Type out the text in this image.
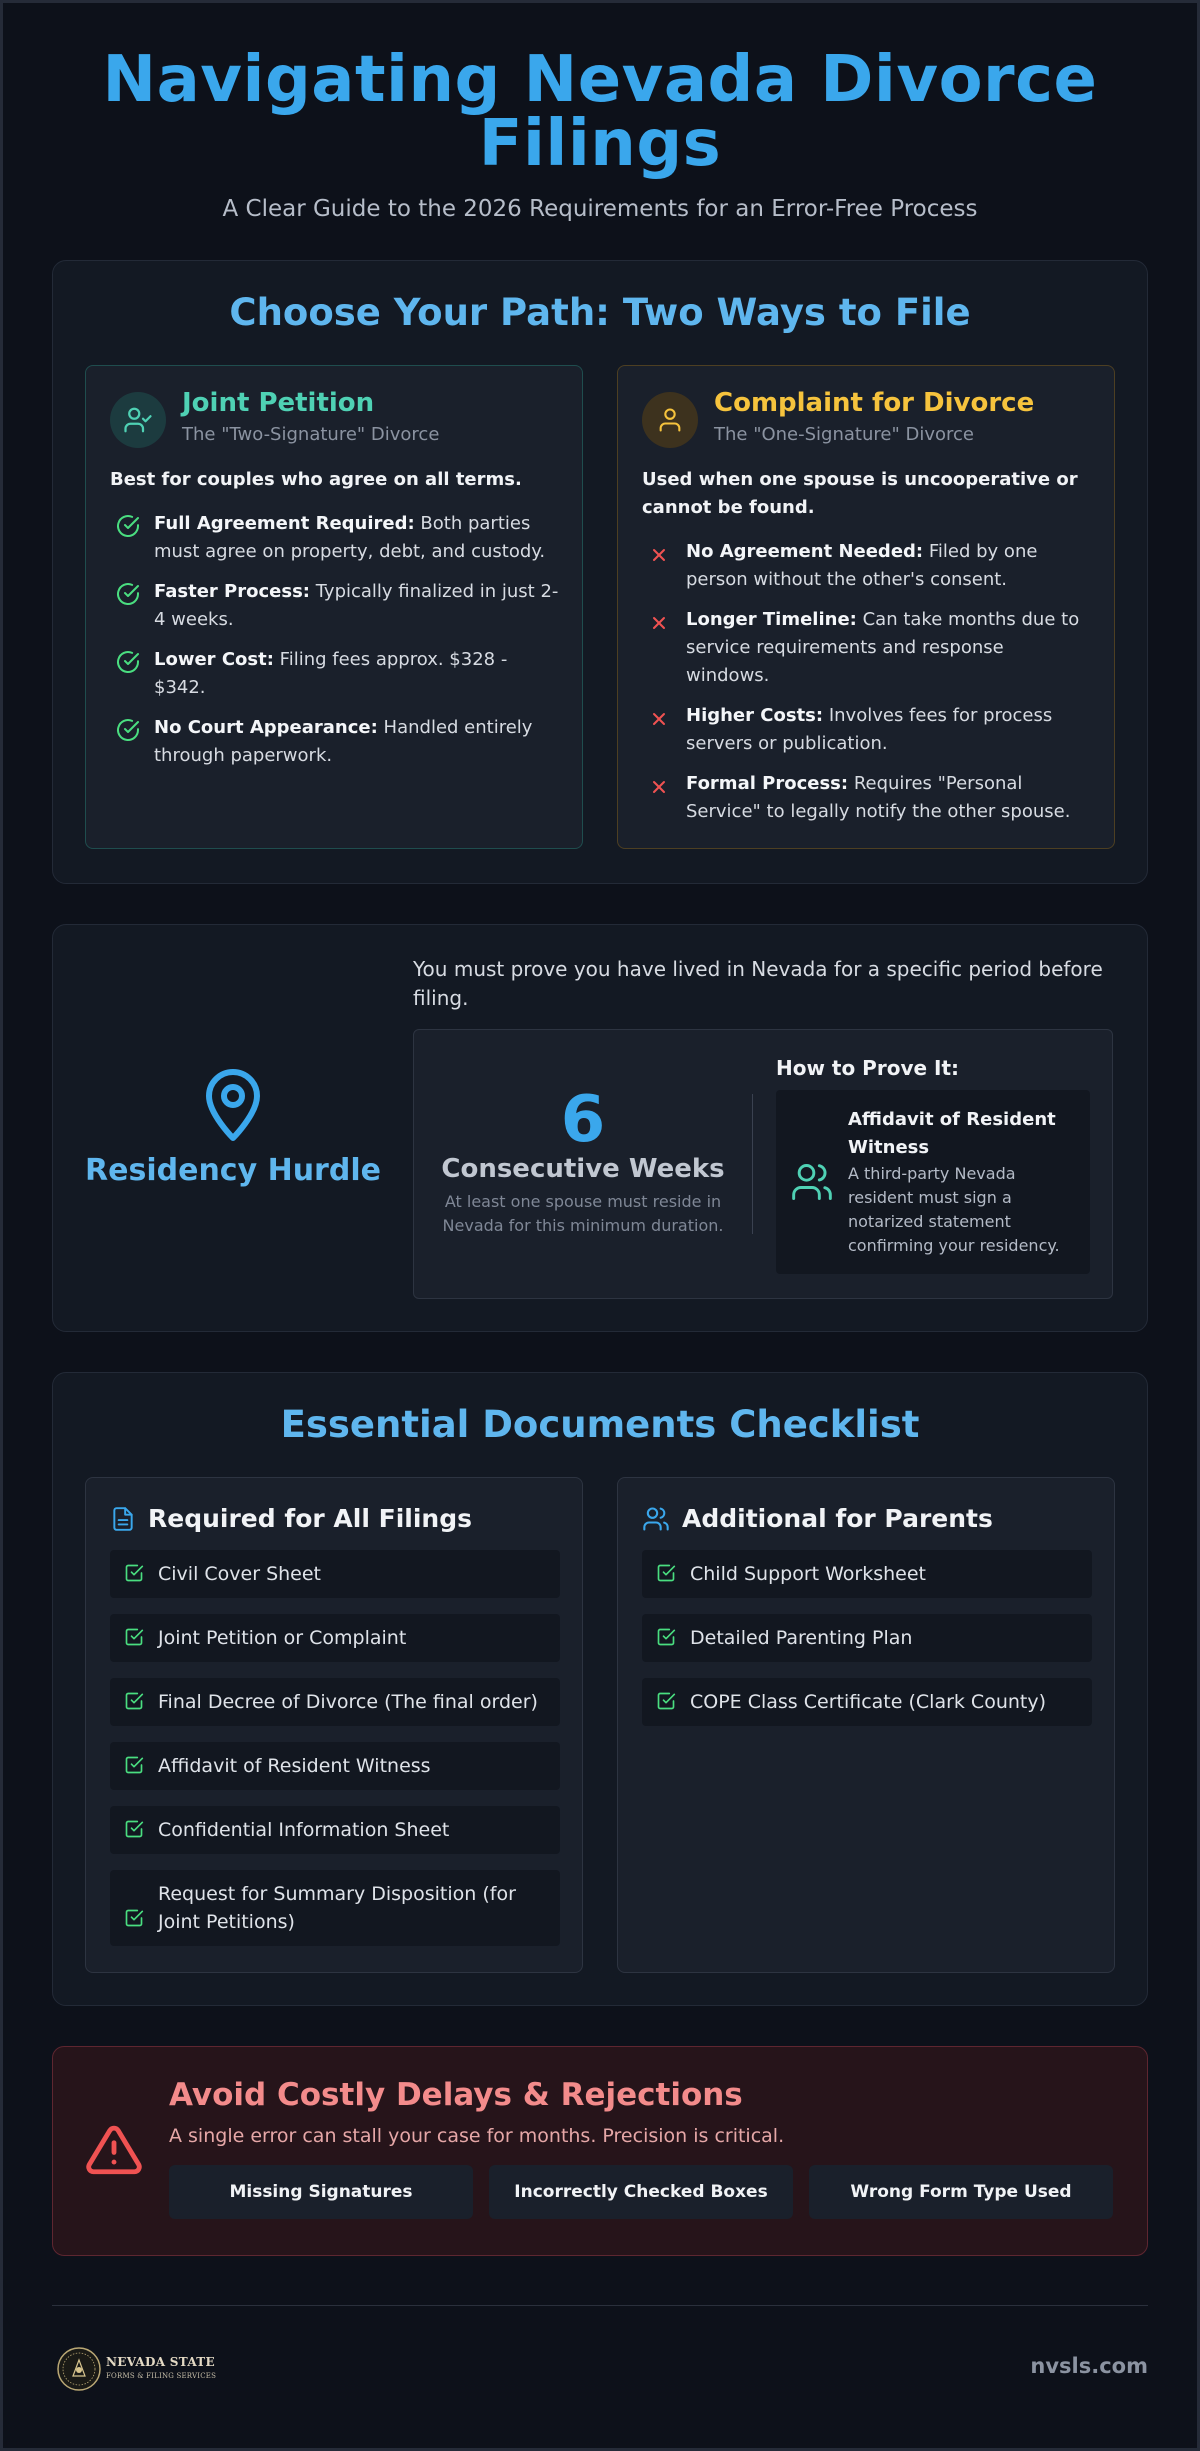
Navigating Nevada Divorce Filings
A Clear Guide to the 2026 Requirements for an Error-Free Process
Choose Your Path: Two Ways to File
Joint Petition
The "Two-Signature" Divorce
Best for couples who agree on all terms.
Full Agreement Required: Both parties must agree on property, debt, and custody.
Faster Process: Typically finalized in just 2-4 weeks.
Lower Cost: Filing fees approx. $328 - $342.
No Court Appearance: Handled entirely through paperwork.
Complaint for Divorce
The "One-Signature" Divorce
Used when one spouse is uncooperative or cannot be found.
No Agreement Needed: Filed by one person without the other's consent.
Longer Timeline: Can take months due to service requirements and response windows.
Higher Costs: Involves fees for process servers or publication.
Formal Process: Requires "Personal Service" to legally notify the other spouse.
Residency Hurdle
You must prove you have lived in Nevada for a specific period before filing.
6
Consecutive Weeks
At least one spouse must reside in Nevada for this minimum duration.
How to Prove It:
Affidavit of Resident Witness
A third-party Nevada resident must sign a notarized statement confirming your residency.
Essential Documents Checklist
Required for All Filings
Civil Cover Sheet
Joint Petition or Complaint
Final Decree of Divorce (The final order)
Affidavit of Resident Witness
Confidential Information Sheet
Request for Summary Disposition (for Joint Petitions)
Additional for Parents
Child Support Worksheet
Detailed Parenting Plan
COPE Class Certificate (Clark County)
Avoid Costly Delays & Rejections
A single error can stall your case for months. Precision is critical.
Missing Signatures	Incorrectly Checked Boxes	Wrong Form Type Used
NEVADA STATE
FORMS & FILING SERVICES	nvsls.com
